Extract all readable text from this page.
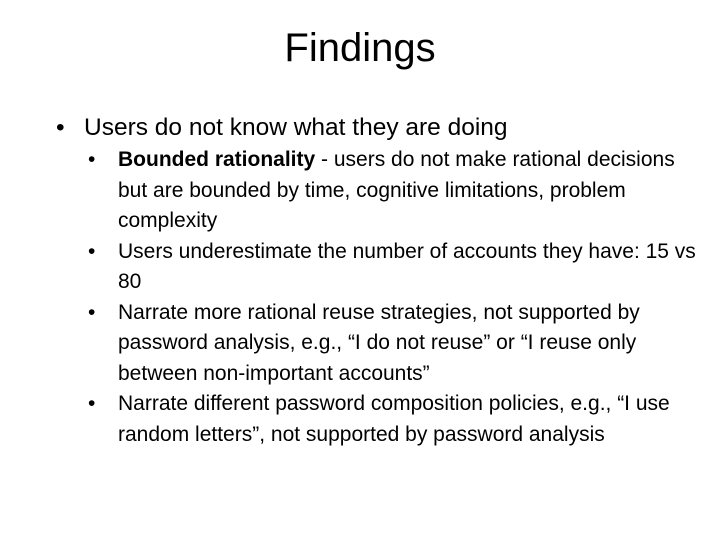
Findings
• Users do not know what they are doing
• Bounded rationality - users do not make rational decisions but are bounded by time, cognitive limitations, problem complexity
• Users underestimate the number of accounts they have: 15 vs 80
• Narrate more rational reuse strategies, not supported by password analysis, e.g., “I do not reuse” or “I reuse only between non-important accounts”
• Narrate different password composition policies, e.g., “I use random letters”, not supported by password analysis
